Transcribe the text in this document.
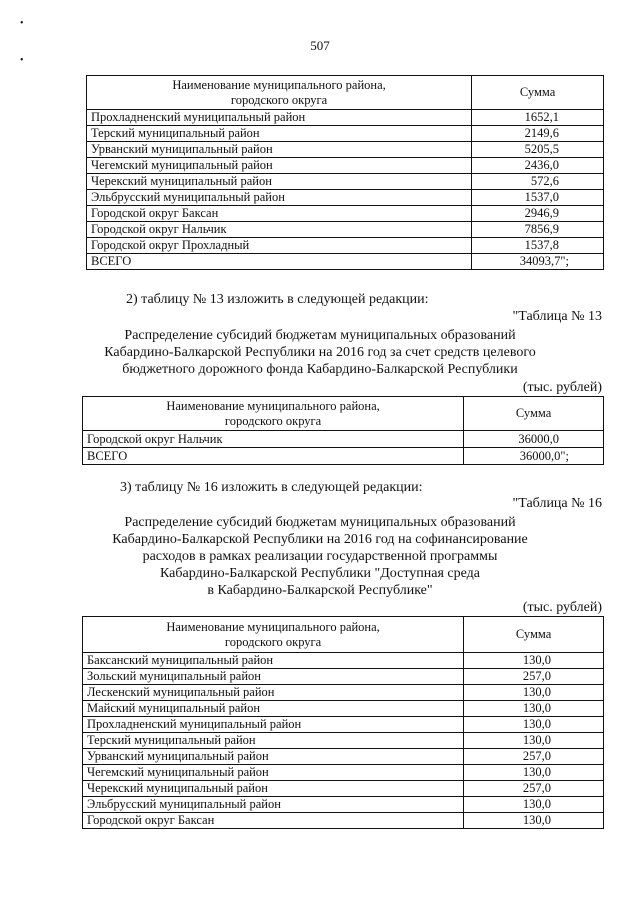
•
•
507
Наименование муниципального района,
городского округа	Сумма
Прохладненский муниципальный район	1652,1
Терский муниципальный район	2149,6
Урванский муниципальный район	5205,5
Чегемский муниципальный район	2436,0
Черекский муниципальный район	572,6
Эльбрусский муниципальный район	1537,0
Городской округ Баксан	2946,9
Городской округ Нальчик	7856,9
Городской округ Прохладный	1537,8
ВСЕГО	34093,7";
2) таблицу № 13 изложить в следующей редакции:
"Таблица № 13
Распределение субсидий бюджетам муниципальных образований
Кабардино-Балкарской Республики на 2016 год за счет средств целевого
бюджетного дорожного фонда Кабардино-Балкарской Республики
(тыс. рублей)
Наименование муниципального района,
городского округа	Сумма
Городской округ Нальчик	36000,0
ВСЕГО	36000,0";
3) таблицу № 16 изложить в следующей редакции:
"Таблица № 16
Распределение субсидий бюджетам муниципальных образований
Кабардино-Балкарской Республики на 2016 год на софинансирование
расходов в рамках реализации государственной программы
Кабардино-Балкарской Республики "Доступная среда
в Кабардино-Балкарской Республике"
(тыс. рублей)
Наименование муниципального района,
городского округа	Сумма
Баксанский муниципальный район	130,0
Зольский муниципальный район	257,0
Лескенский муниципальный район	130,0
Майский муниципальный район	130,0
Прохладненский муниципальный район	130,0
Терский муниципальный район	130,0
Урванский муниципальный район	257,0
Чегемский муниципальный район	130,0
Черекский муниципальный район	257,0
Эльбрусский муниципальный район	130,0
Городской округ Баксан	130,0
